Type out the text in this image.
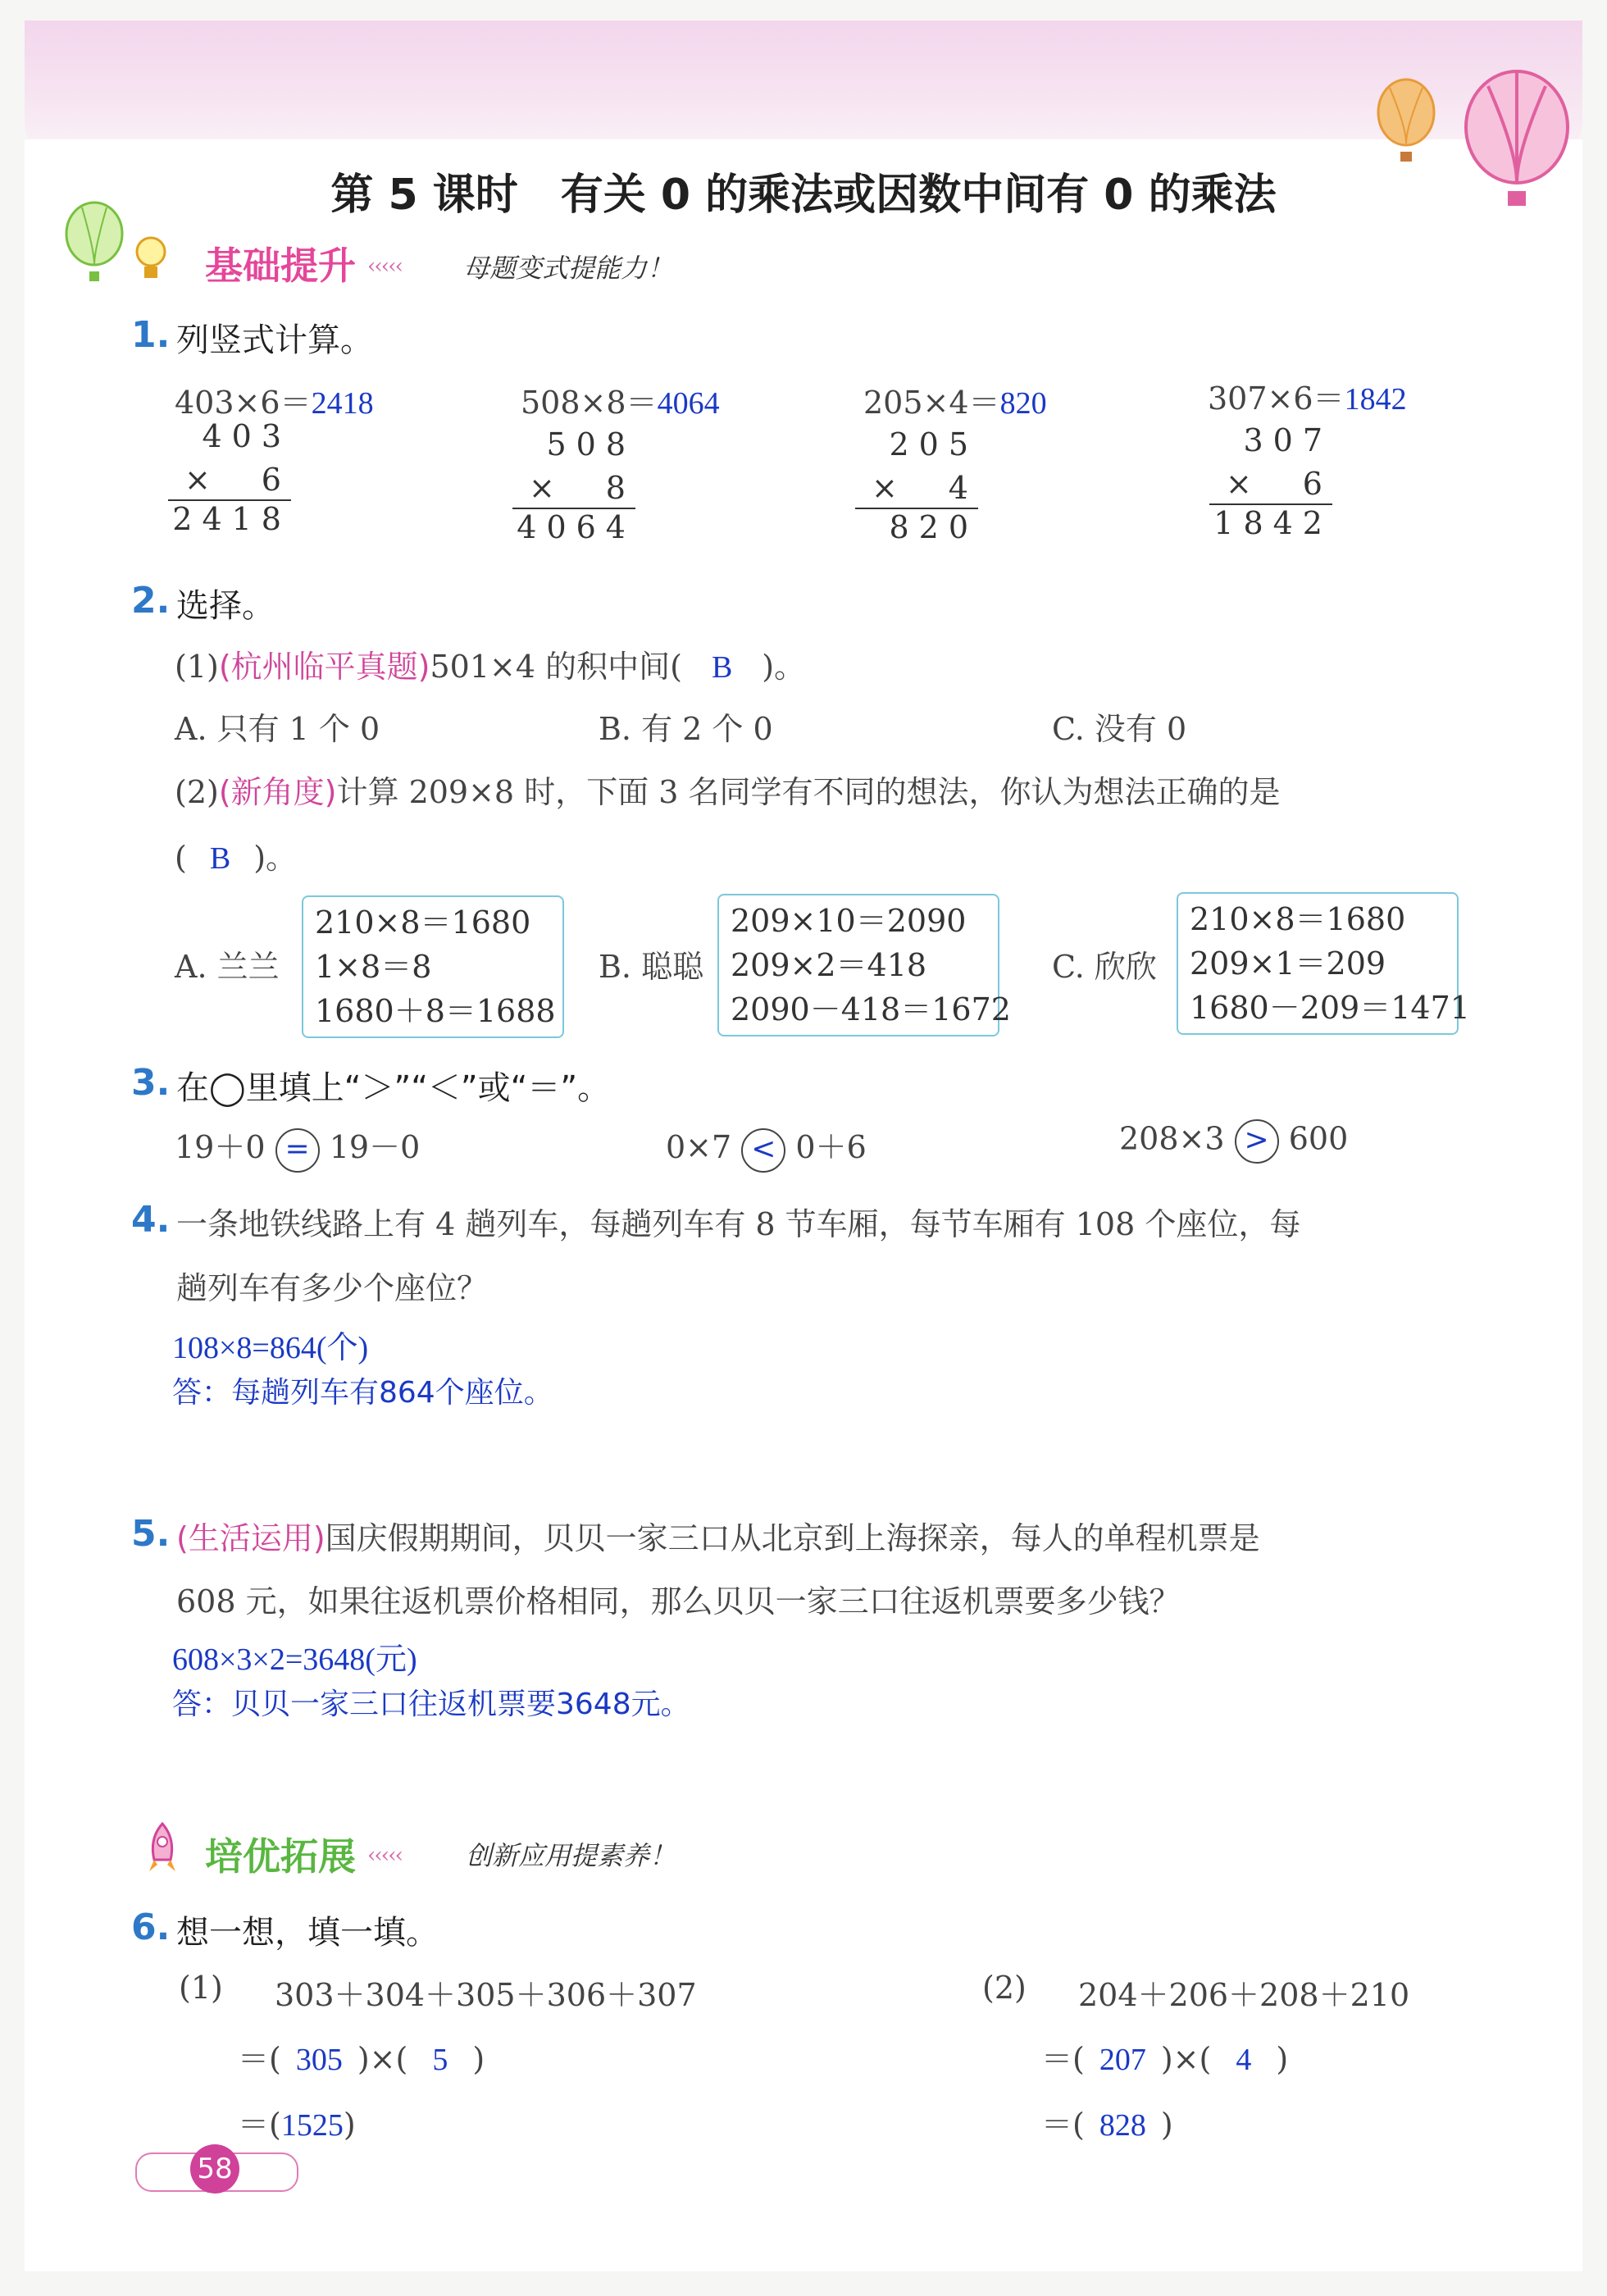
第 5 课时　有关 0 的乘法或因数中间有 0 的乘法
基础提升 ‹‹‹‹‹ 母题变式提能力！
1. 列竖式计算。
403×6＝2418	508×8＝4064	205×4＝820	307×6＝1842
403
×　6
2418
508
×　8
4064
205
×　4
820
307
×　6
1842
2. 选择。
(1)(杭州临平真题)501×4 的积中间( B )。
A. 只有 1 个 0	B. 有 2 个 0	C. 没有 0
(2)(新角度)计算 209×8 时，下面 3 名同学有不同的想法，你认为想法正确的是
( B )。
A. 兰兰
210×8＝1680
1×8＝8
1680＋8＝1688
B. 聪聪
209×10＝2090
209×2＝418
2090－418＝1672
C. 欣欣
210×8＝1680
209×1＝209
1680－209＝1471
3. 在◯里填上“＞”“＜”或“＝”。
19＋0 = 19－0	0×7 < 0＋6	208×3 > 600
4. 一条地铁线路上有 4 趟列车，每趟列车有 8 节车厢，每节车厢有 108 个座位，每
趟列车有多少个座位？
108×8=864(个)
答：每趟列车有864个座位。
5. (生活运用)国庆假期期间，贝贝一家三口从北京到上海探亲，每人的单程机票是
608 元，如果往返机票价格相同，那么贝贝一家三口往返机票要多少钱？
608×3×2=3648(元)
答：贝贝一家三口往返机票要3648元。
培优拓展 ‹‹‹‹‹ 创新应用提素养！
6. 想一想，填一填。
(1) 303＋304＋305＋306＋307
＝( 305 )×( 5 )
＝(1525)
(2) 204＋206＋208＋210
＝( 207 )×( 4 )
＝( 828 )
58
